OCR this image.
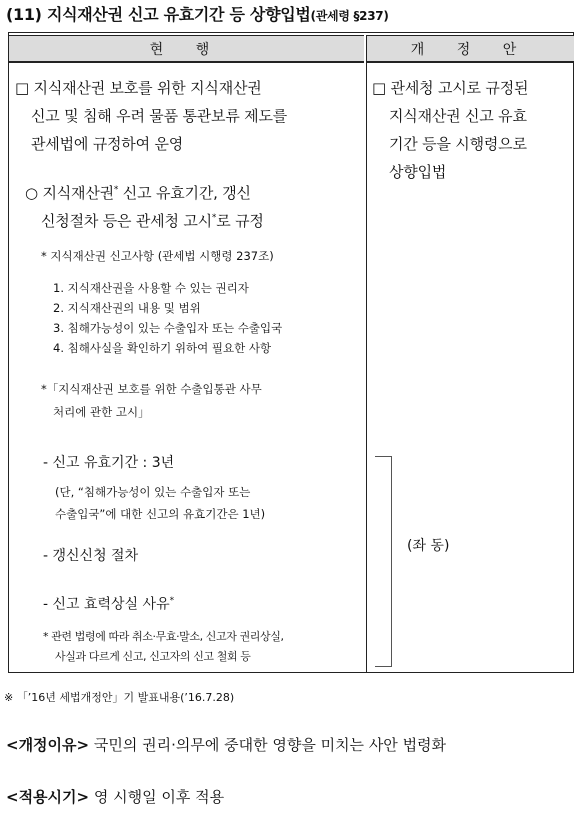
(11) 지식재산권 신고 유효기간 등 상향입법(관세령 §237)
현 행	개 정 안
□ 지식재산권 보호를 위한 지식재산권
신고 및 침해 우려 물품 통관보류 제도를
관세법에 규정하여 운영
○ 지식재산권* 신고 유효기간, 갱신
신청절차 등은 관세청 고시*로 규정
* 지식재산권 신고사항 (관세법 시행령 237조)
1. 지식재산권을 사용할 수 있는 권리자
2. 지식재산권의 내용 및 범위
3. 침해가능성이 있는 수출입자 또는 수출입국
4. 침해사실을 확인하기 위하여 필요한 사항
*「지식재산권 보호를 위한 수출입통관 사무
처리에 관한 고시」
- 신고 유효기간 : 3년
(단, “침해가능성이 있는 수출입자 또는
수출입국”에 대한 신고의 유효기간은 1년)
- 갱신신청 절차
- 신고 효력상실 사유*
* 관련 법령에 따라 취소·무효·말소, 신고자 권리상실,
사실과 다르게 신고, 신고자의 신고 철회 등
□ 관세청 고시로 규정된
지식재산권 신고 유효
기간 등을 시행령으로
상향입법
(좌 동)
※ 「’16년 세법개정안」기 발표내용(’16.7.28)
<개정이유> 국민의 권리·의무에 중대한 영향을 미치는 사안 법령화
<적용시기> 영 시행일 이후 적용
